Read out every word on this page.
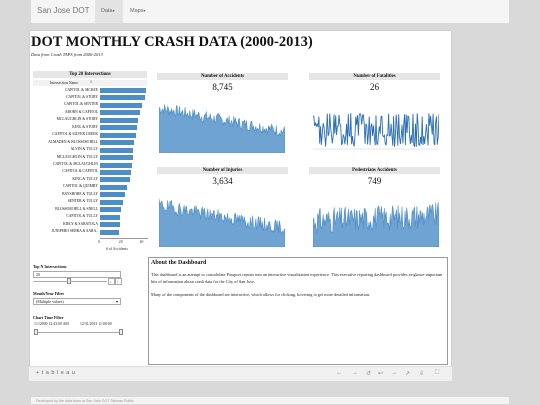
San Jose DOT	Data▾	Maps▾
DOT MONTHLY CRASH DATA (2000-2013)
Data from Crash TAPS from 2000-2013
Top 20 Intersections
Intersection Name	≡
CAPITOL & MCKEE
CAPITOL & STORY
CAPITOL & SENTER
ABORN & CAPITOL
MCLAUGHLIN & STORY
KING & STORY
CAPITOL & SILVER CREEK
ALMADEN & BLOSSOM HILL
ALVIN & TULLY
MCLAUGHLIN & TULLY
CAPITOL & MCLAUGHLIN
CAPITOL & CAPITOL
KING & TULLY
CAPITOL & QUIMBY
BAYSHORE & TULLY
SENTER & TULLY
BLOSSOM HILL & SNELL
CAPITOL & TULLY
KIELY & SARATOGA
JUNIPERO SERRA & SARA..
0	20	40
# of Accidents
Top N Intersections
20
‹	›
Month/Year Filter
(Multiple values)	▾
Chart Time Filter
1/1/2000 12:43:00 AM	12/31/2013 11:00:00
Number of Accidents
8,745
Number of Fatalities
26
Number of Injuries
3,634
Pedestrians Accidents
749
About the Dashboard
This dashboard is an attempt to consolidate Passport reports into an interactive visualization experience. This executive reporting dashboard provides at-glance important bits of information about crash data for the City of San Jose.
Many of the components of the dashboard are interactive, which allows for clicking, hovering to get more detailed information.
+ t a b l e a u	← → ↺ ↩ → ↗ ⇩ ⛶
Developed by the data team at San Jose DOT Tableau Public
